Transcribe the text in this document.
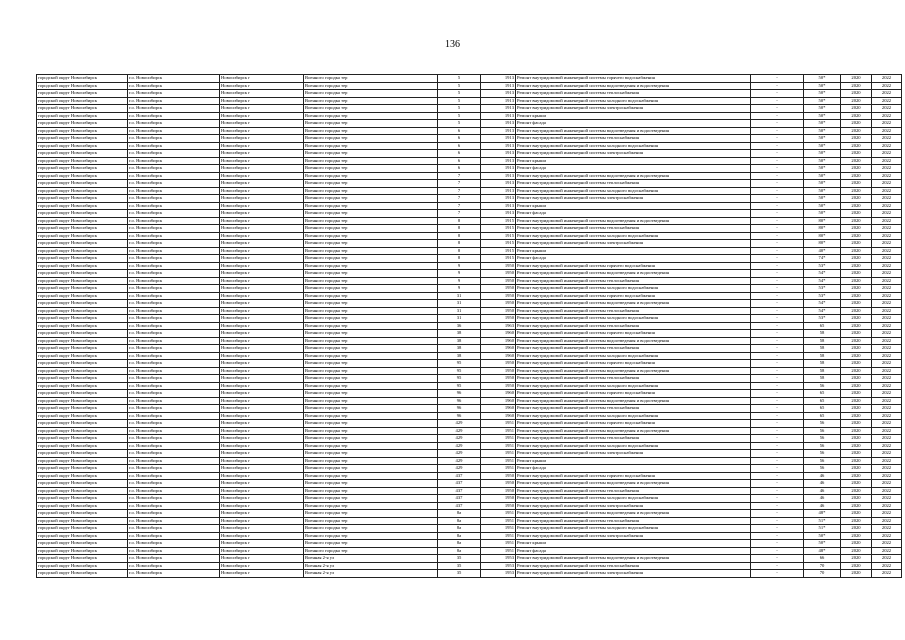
136
городской округ Новосибирск	г.о. Новосибирск	Новосибирск г	Военного городка тер	5	1913	Ремонт внутридомовой инженерной системы горячего водоснабжения	-	50*	2020	2022
городской округ Новосибирск	г.о. Новосибирск	Новосибирск г	Военного городка тер	5	1913	Ремонт внутридомовой инженерной системы водоотведения и водоотведения	-	50*	2020	2022
городской округ Новосибирск	г.о. Новосибирск	Новосибирск г	Военного городка тер	5	1913	Ремонт внутридомовой инженерной системы теплоснабжения	-	50*	2020	2022
городской округ Новосибирск	г.о. Новосибирск	Новосибирск г	Военного городка тер	5	1913	Ремонт внутридомовой инженерной системы холодного водоснабжения	-	50*	2020	2022
городской округ Новосибирск	г.о. Новосибирск	Новосибирск г	Военного городка тер	5	1913	Ремонт внутридомовой инженерной системы электроснабжения	-	50*	2020	2022
городской округ Новосибирск	г.о. Новосибирск	Новосибирск г	Военного городка тер	5	1913	Ремонт крыши	-	50*	2020	2022
городской округ Новосибирск	г.о. Новосибирск	Новосибирск г	Военного городка тер	5	1913	Ремонт фасада	-	50*	2020	2022
городской округ Новосибирск	г.о. Новосибирск	Новосибирск г	Военного городка тер	6	1913	Ремонт внутридомовой инженерной системы водоотведения и водоотведения	-	50*	2020	2022
городской округ Новосибирск	г.о. Новосибирск	Новосибирск г	Военного городка тер	6	1913	Ремонт внутридомовой инженерной системы теплоснабжения	-	50*	2020	2022
городской округ Новосибирск	г.о. Новосибирск	Новосибирск г	Военного городка тер	6	1913	Ремонт внутридомовой инженерной системы холодного водоснабжения	-	50*	2020	2022
городской округ Новосибирск	г.о. Новосибирск	Новосибирск г	Военного городка тер	6	1913	Ремонт внутридомовой инженерной системы электроснабжения	-	50*	2020	2022
городской округ Новосибирск	г.о. Новосибирск	Новосибирск г	Военного городка тер	6	1913	Ремонт крыши	-	50*	2020	2022
городской округ Новосибирск	г.о. Новосибирск	Новосибирск г	Военного городка тер	6	1913	Ремонт фасада	-	50*	2020	2022
городской округ Новосибирск	г.о. Новосибирск	Новосибирск г	Военного городка тер	7	1913	Ремонт внутридомовой инженерной системы водоотведения и водоотведения	-	50*	2020	2022
городской округ Новосибирск	г.о. Новосибирск	Новосибирск г	Военного городка тер	7	1913	Ремонт внутридомовой инженерной системы теплоснабжения	-	50*	2020	2022
городской округ Новосибирск	г.о. Новосибирск	Новосибирск г	Военного городка тер	7	1913	Ремонт внутридомовой инженерной системы холодного водоснабжения	-	50*	2020	2022
городской округ Новосибирск	г.о. Новосибирск	Новосибирск г	Военного городка тер	7	1913	Ремонт внутридомовой инженерной системы электроснабжения	-	50*	2020	2022
городской округ Новосибирск	г.о. Новосибирск	Новосибирск г	Военного городка тер	7	1913	Ремонт крыши	-	50*	2020	2022
городской округ Новосибирск	г.о. Новосибирск	Новосибирск г	Военного городка тер	7	1913	Ремонт фасада	-	50*	2020	2022
городской округ Новосибирск	г.о. Новосибирск	Новосибирск г	Военного городка тер	8	1915	Ремонт внутридомовой инженерной системы водоотведения и водоотведения	-	80*	2020	2022
городской округ Новосибирск	г.о. Новосибирск	Новосибирск г	Военного городка тер	8	1915	Ремонт внутридомовой инженерной системы теплоснабжения	-	80*	2020	2022
городской округ Новосибирск	г.о. Новосибирск	Новосибирск г	Военного городка тер	8	1915	Ремонт внутридомовой инженерной системы холодного водоснабжения	-	80*	2020	2022
городской округ Новосибирск	г.о. Новосибирск	Новосибирск г	Военного городка тер	8	1915	Ремонт внутридомовой инженерной системы электроснабжения	-	80*	2020	2022
городской округ Новосибирск	г.о. Новосибирск	Новосибирск г	Военного городка тер	8	1915	Ремонт крыши	-	40*	2020	2022
городской округ Новосибирск	г.о. Новосибирск	Новосибирск г	Военного городка тер	8	1915	Ремонт фасада	-	74*	2020	2022
городской округ Новосибирск	г.о. Новосибирск	Новосибирск г	Военного городка тер	9	1950	Ремонт внутридомовой инженерной системы горячего водоснабжения	-	53*	2020	2022
городской округ Новосибирск	г.о. Новосибирск	Новосибирск г	Военного городка тер	9	1950	Ремонт внутридомовой инженерной системы водоотведения и водоотведения	-	54*	2020	2022
городской округ Новосибирск	г.о. Новосибирск	Новосибирск г	Военного городка тер	9	1950	Ремонт внутридомовой инженерной системы теплоснабжения	-	54*	2020	2022
городской округ Новосибирск	г.о. Новосибирск	Новосибирск г	Военного городка тер	9	1950	Ремонт внутридомовой инженерной системы холодного водоснабжения	-	53*	2020	2022
городской округ Новосибирск	г.о. Новосибирск	Новосибирск г	Военного городка тер	31	1950	Ремонт внутридомовой инженерной системы горячего водоснабжения	-	53*	2020	2022
городской округ Новосибирск	г.о. Новосибирск	Новосибирск г	Военного городка тер	31	1950	Ремонт внутридомовой инженерной системы водоотведения и водоотведения	-	54*	2020	2022
городской округ Новосибирск	г.о. Новосибирск	Новосибирск г	Военного городка тер	31	1950	Ремонт внутридомовой инженерной системы теплоснабжения	-	54*	2020	2022
городской округ Новосибирск	г.о. Новосибирск	Новосибирск г	Военного городка тер	31	1950	Ремонт внутридомовой инженерной системы холодного водоснабжения	-	53*	2020	2022
городской округ Новосибирск	г.о. Новосибирск	Новосибирск г	Военного городка тер	36	1963	Ремонт внутридомовой инженерной системы теплоснабжения	-	65	2020	2022
городской округ Новосибирск	г.о. Новосибирск	Новосибирск г	Военного городка тер	38	1960	Ремонт внутридомовой инженерной системы горячего водоснабжения	-	58	2020	2022
городской округ Новосибирск	г.о. Новосибирск	Новосибирск г	Военного городка тер	38	1960	Ремонт внутридомовой инженерной системы водоотведения и водоотведения	-	58	2020	2022
городской округ Новосибирск	г.о. Новосибирск	Новосибирск г	Военного городка тер	38	1960	Ремонт внутридомовой инженерной системы теплоснабжения	-	58	2020	2022
городской округ Новосибирск	г.о. Новосибирск	Новосибирск г	Военного городка тер	38	1960	Ремонт внутридомовой инженерной системы холодного водоснабжения	-	58	2020	2022
городской округ Новосибирск	г.о. Новосибирск	Новосибирск г	Военного городка тер	95	1950	Ремонт внутридомовой инженерной системы горячего водоснабжения	-	58	2020	2022
городской округ Новосибирск	г.о. Новосибирск	Новосибирск г	Военного городка тер	95	1950	Ремонт внутридомовой инженерной системы водоотведения и водоотведения	-	58	2020	2022
городской округ Новосибирск	г.о. Новосибирск	Новосибирск г	Военного городка тер	95	1950	Ремонт внутридомовой инженерной системы теплоснабжения	-	58	2020	2022
городской округ Новосибирск	г.о. Новосибирск	Новосибирск г	Военного городка тер	95	1950	Ремонт внутридомовой инженерной системы холодного водоснабжения	-	56	2020	2022
городской округ Новосибирск	г.о. Новосибирск	Новосибирск г	Военного городка тер	96	1960	Ремонт внутридомовой инженерной системы горячего водоснабжения	-	65	2020	2022
городской округ Новосибирск	г.о. Новосибирск	Новосибирск г	Военного городка тер	96	1960	Ремонт внутридомовой инженерной системы водоотведения и водоотведения	-	65	2020	2022
городской округ Новосибирск	г.о. Новосибирск	Новосибирск г	Военного городка тер	96	1960	Ремонт внутридомовой инженерной системы теплоснабжения	-	65	2020	2022
городской округ Новосибирск	г.о. Новосибирск	Новосибирск г	Военного городка тер	96	1960	Ремонт внутридомовой инженерной системы холодного водоснабжения	-	65	2020	2022
городской округ Новосибирск	г.о. Новосибирск	Новосибирск г	Военного городка тер	429	1951	Ремонт внутридомовой инженерной системы горячего водоснабжения	-	56	2020	2022
городской округ Новосибирск	г.о. Новосибирск	Новосибирск г	Военного городка тер	429	1951	Ремонт внутридомовой инженерной системы водоотведения и водоотведения	-	56	2020	2022
городской округ Новосибирск	г.о. Новосибирск	Новосибирск г	Военного городка тер	429	1951	Ремонт внутридомовой инженерной системы теплоснабжения	-	56	2020	2022
городской округ Новосибирск	г.о. Новосибирск	Новосибирск г	Военного городка тер	429	1951	Ремонт внутридомовой инженерной системы холодного водоснабжения	-	56	2020	2022
городской округ Новосибирск	г.о. Новосибирск	Новосибирск г	Военного городка тер	429	1951	Ремонт внутридомовой инженерной системы электроснабжения	-	56	2020	2022
городской округ Новосибирск	г.о. Новосибирск	Новосибирск г	Военного городка тер	429	1951	Ремонт крыши	-	56	2020	2022
городской округ Новосибирск	г.о. Новосибирск	Новосибирск г	Военного городка тер	429	1951	Ремонт фасада	-	56	2020	2022
городской округ Новосибирск	г.о. Новосибирск	Новосибирск г	Военного городка тер	437	1950	Ремонт внутридомовой инженерной системы горячего водоснабжения	-	46	2020	2022
городской округ Новосибирск	г.о. Новосибирск	Новосибирск г	Военного городка тер	437	1950	Ремонт внутридомовой инженерной системы водоотведения и водоотведения	-	46	2020	2022
городской округ Новосибирск	г.о. Новосибирск	Новосибирск г	Военного городка тер	437	1950	Ремонт внутридомовой инженерной системы теплоснабжения	-	46	2020	2022
городской округ Новосибирск	г.о. Новосибирск	Новосибирск г	Военного городка тер	437	1950	Ремонт внутридомовой инженерной системы холодного водоснабжения	-	46	2020	2022
городской округ Новосибирск	г.о. Новосибирск	Новосибирск г	Военного городка тер	437	1950	Ремонт внутридомовой инженерной системы электроснабжения	-	46	2020	2022
городской округ Новосибирск	г.о. Новосибирск	Новосибирск г	Военного городка тер	8а	1951	Ремонт внутридомовой инженерной системы водоотведения и водоотведения	-	48*	2020	2022
городской округ Новосибирск	г.о. Новосибирск	Новосибирск г	Военного городка тер	8а	1951	Ремонт внутридомовой инженерной системы теплоснабжения	-	51*	2020	2022
городской округ Новосибирск	г.о. Новосибирск	Новосибирск г	Военного городка тер	8а	1951	Ремонт внутридомовой инженерной системы холодного водоснабжения	-	51*	2020	2022
городской округ Новосибирск	г.о. Новосибирск	Новосибирск г	Военного городка тер	8а	1951	Ремонт внутридомовой инженерной системы электроснабжения	-	50*	2020	2022
городской округ Новосибирск	г.о. Новосибирск	Новосибирск г	Военного городка тер	8а	1951	Ремонт крыши	-	50*	2020	2022
городской округ Новосибирск	г.о. Новосибирск	Новосибирск г	Военного городка тер	8а	1951	Ремонт фасада	-	48*	2020	2022
городской округ Новосибирск	г.о. Новосибирск	Новосибирск г	Военная 2-я ул	35	1953	Ремонт внутридомовой инженерной системы водоотведения и водоотведения	-	66	2020	2022
городской округ Новосибирск	г.о. Новосибирск	Новосибирск г	Военная 2-я ул	35	1953	Ремонт внутридомовой инженерной системы теплоснабжения	-	70	2020	2022
городской округ Новосибирск	г.о. Новосибирск	Новосибирск г	Военная 2-я ул	35	1953	Ремонт внутридомовой инженерной системы электроснабжения	-	70	2020	2022
